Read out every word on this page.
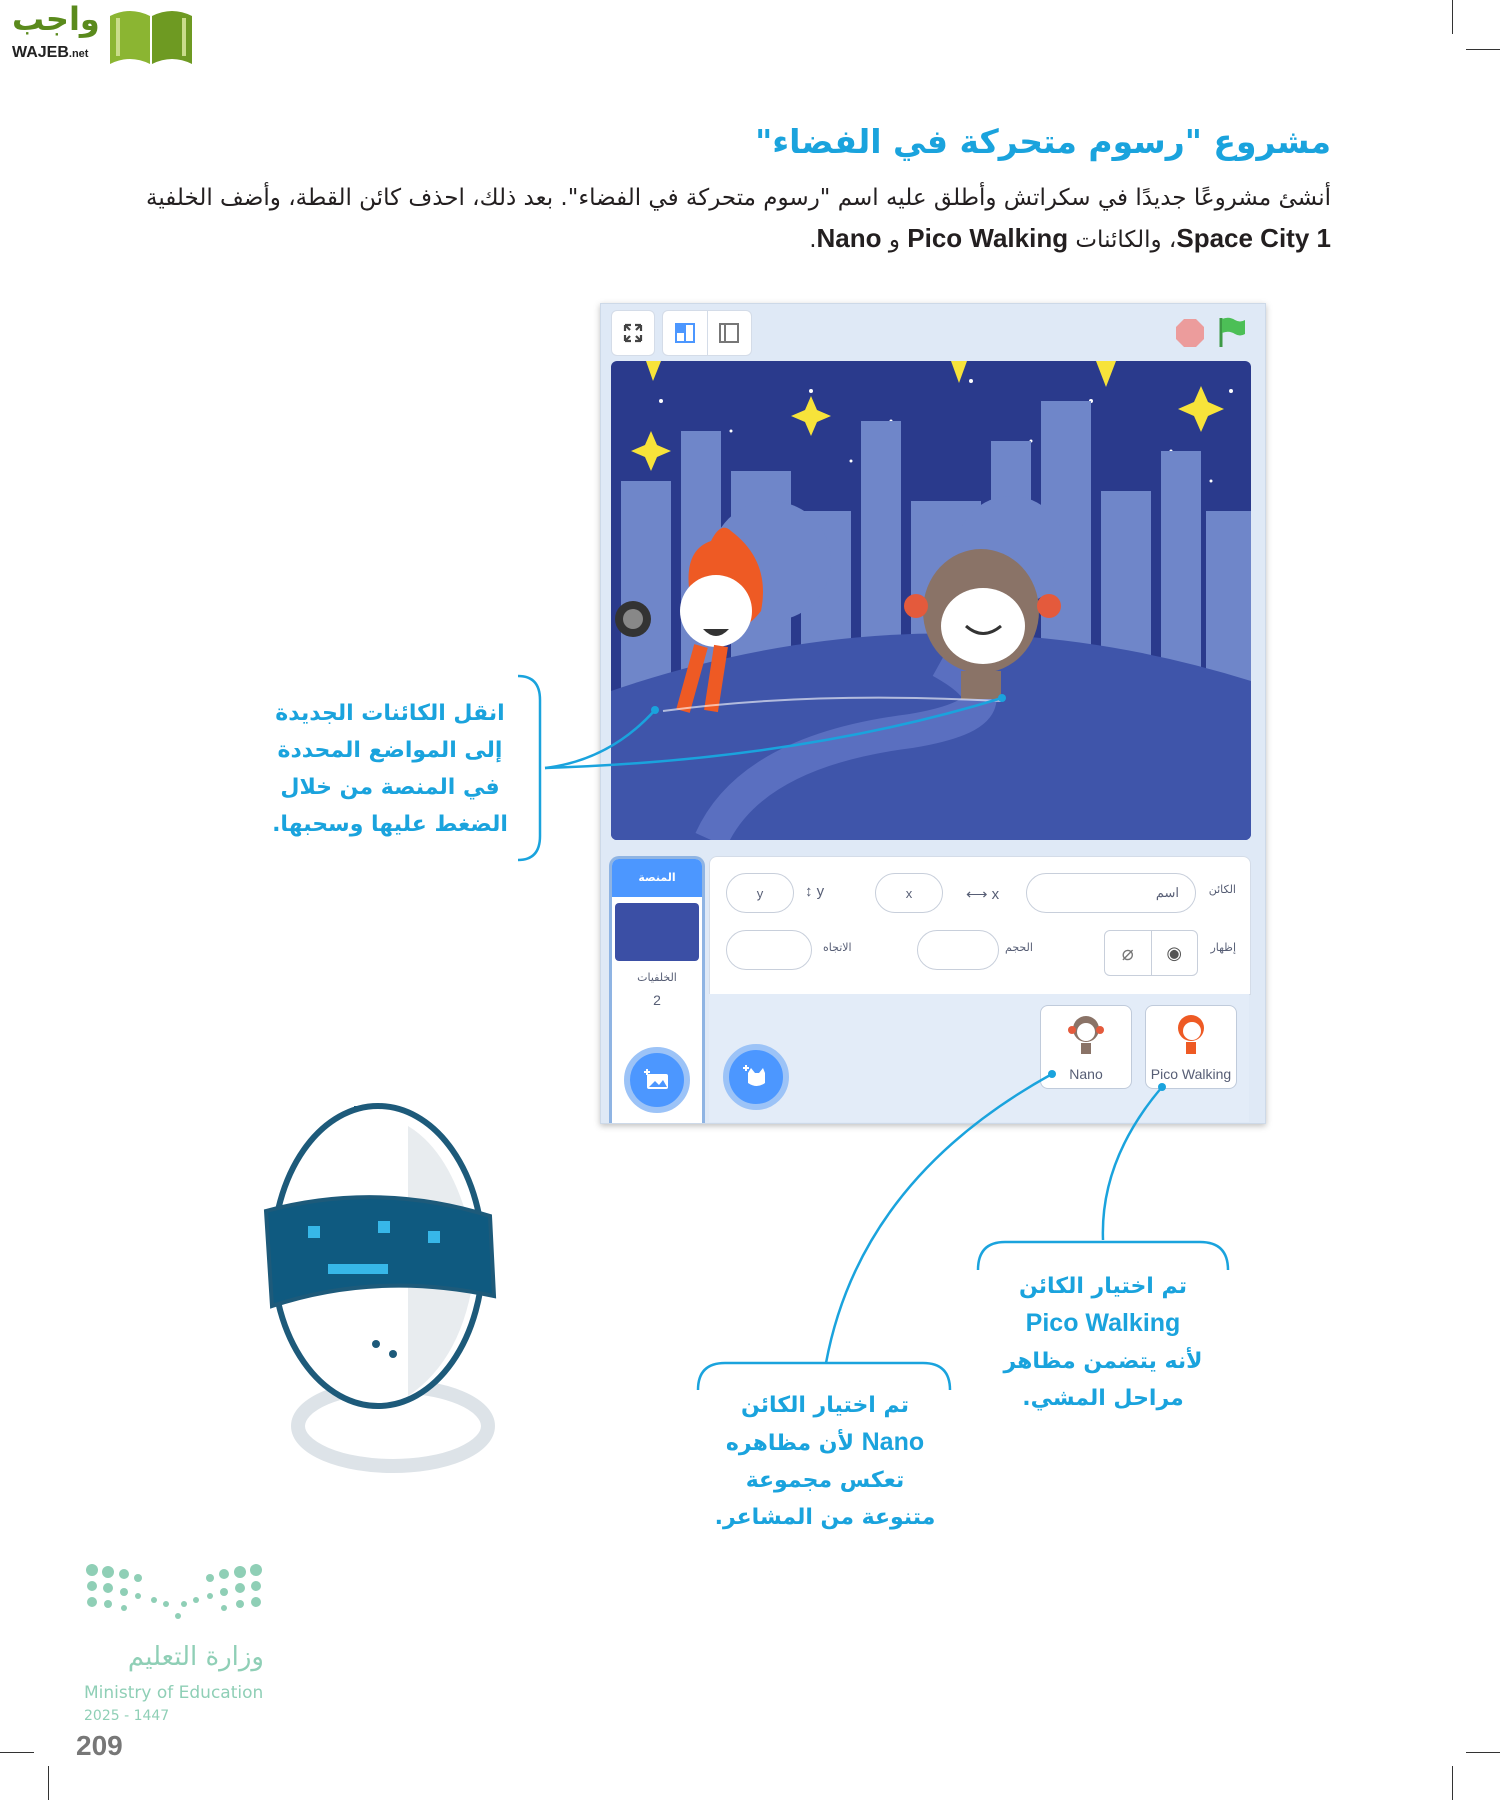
واجب
WAJEB.net
مشروع "رسوم متحركة في الفضاء"
أنشئ مشروعًا جديدًا في سكراتش وأطلق عليه اسم "رسوم متحركة في الفضاء". بعد ذلك، احذف كائن القطة، وأضف الخلفية
Space City 1، والكائنات Pico Walking و Nano.
المنصة
الخلفيات
2
الكائن
اسم
x ⟷
x
y ↕
y
إظهار
⌀ ◉
الحجم
الاتجاه
Pico Walking
Nano
انقل الكائنات الجديدة
إلى المواضع المحددة
في المنصة من خلال
الضغط عليها وسحبها.
تم اختيار الكائن
Pico Walking
لأنه يتضمن مظاهر
مراحل المشي.
تم اختيار الكائن
Nano لأن مظاهره
تعكس مجموعة
متنوعة من المشاعر.
وزارة التعليم
Ministry of Education
2025 - 1447
209
